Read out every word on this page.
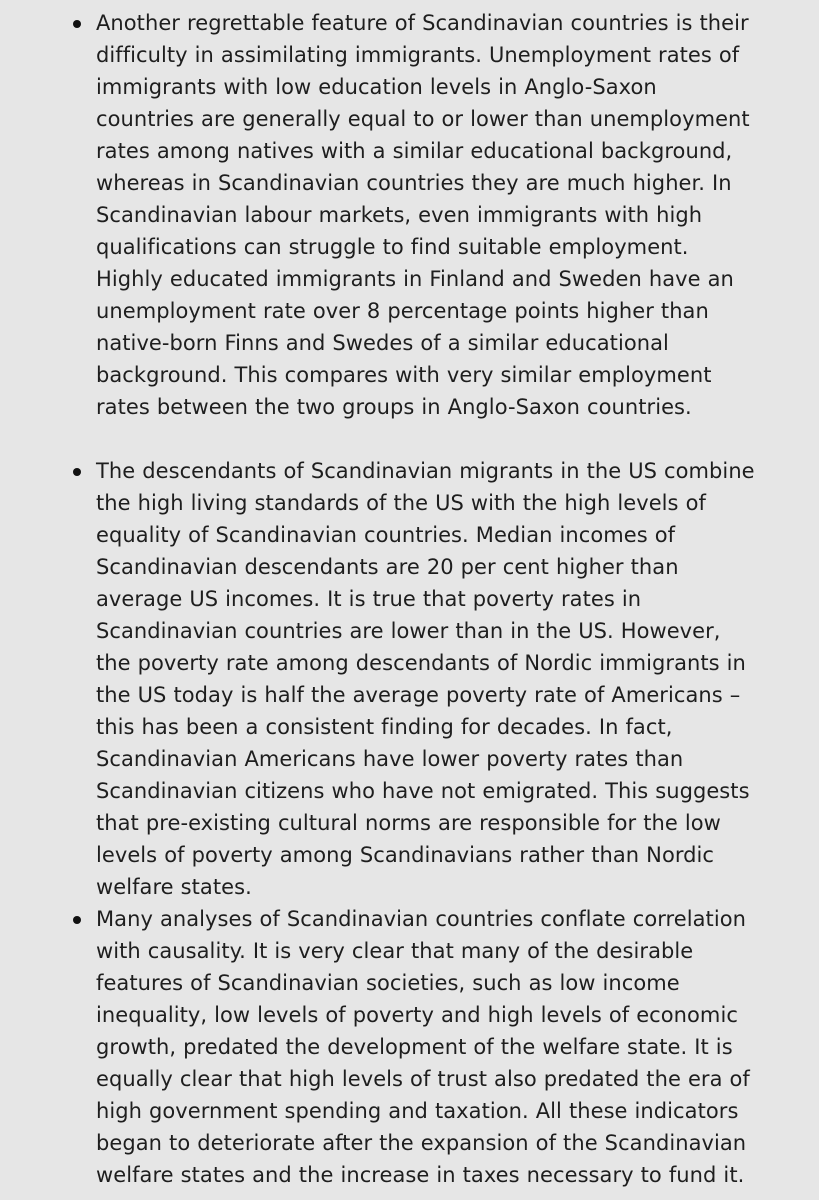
Another regrettable feature of Scandinavian countries is their difficulty in assimilating immigrants. Unemployment rates of immigrants with low education levels in Anglo-Saxon countries are generally equal to or lower than unemployment rates among natives with a similar educational background, whereas in Scandinavian countries they are much higher. In Scandinavian labour markets, even immigrants with high qualifications can struggle to find suitable employment. Highly educated immigrants in Finland and Sweden have an unemployment rate over 8 percentage points higher than native-born Finns and Swedes of a similar educational background. This compares with very similar employment rates between the two groups in Anglo-Saxon countries.
The descendants of Scandinavian migrants in the US combine the high living standards of the US with the high levels of equality of Scandinavian countries. Median incomes of Scandinavian descendants are 20 per cent higher than average US incomes. It is true that poverty rates in Scandinavian countries are lower than in the US. However, the poverty rate among descendants of Nordic immigrants in the US today is half the average poverty rate of Americans – this has been a consistent finding for decades. In fact, Scandinavian Americans have lower poverty rates than Scandinavian citizens who have not emigrated. This suggests that pre-existing cultural norms are responsible for the low levels of poverty among Scandinavians rather than Nordic welfare states.
Many analyses of Scandinavian countries conflate correlation with causality. It is very clear that many of the desirable features of Scandinavian societies, such as low income inequality, low levels of poverty and high levels of economic growth, predated the development of the welfare state. It is equally clear that high levels of trust also predated the era of high government spending and taxation. All these indicators began to deteriorate after the expansion of the Scandinavian welfare states and the increase in taxes necessary to fund it.
